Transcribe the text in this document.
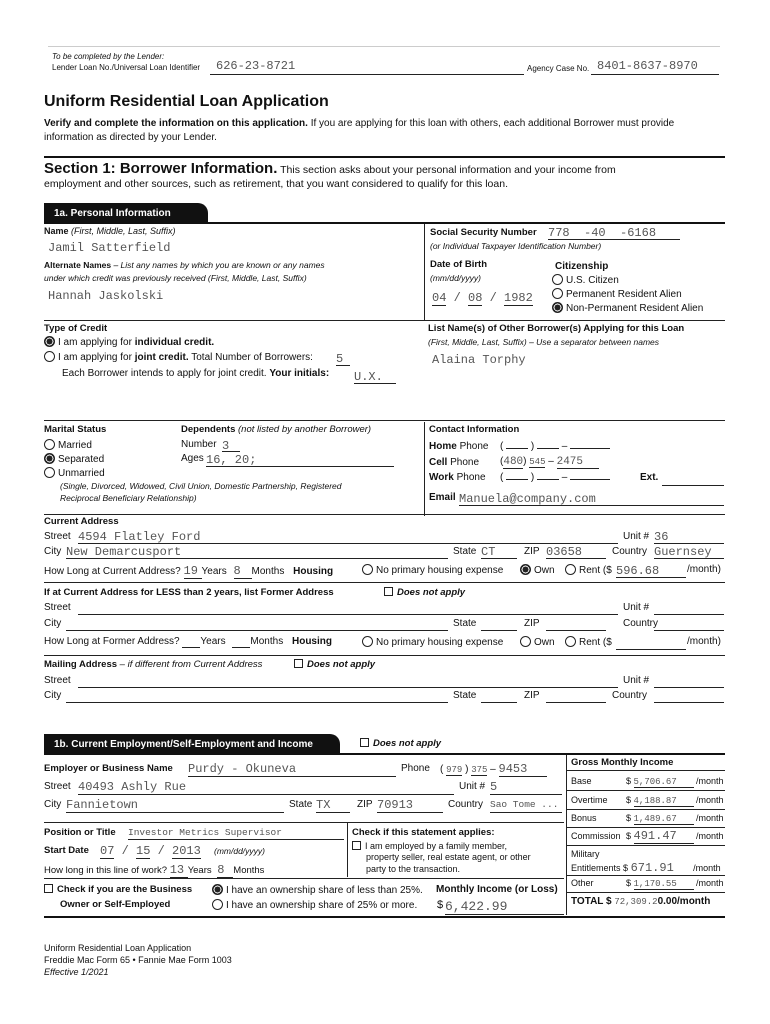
To be completed by the Lender:
Lender Loan No./Universal Loan Identifier	626-23-8721	Agency Case No. 8401-8637-8970
Uniform Residential Loan Application
Verify and complete the information on this application. If you are applying for this loan with others, each additional Borrower must provide
information as directed by your Lender.
Section 1: Borrower Information. This section asks about your personal information and your income from
employment and other sources, such as retirement, that you want considered to qualify for this loan.
1a. Personal Information
Name (First, Middle, Last, Suffix)
Jamil Satterfield
Alternate Names – List any names by which you are known or any names
under which credit was previously received (First, Middle, Last, Suffix)
Hannah Jaskolski
Social Security Number 778 -40 -6168
(or Individual Taxpayer Identification Number)
Date of Birth
(mm/dd/yyyy)
04 / 08 / 1982
Citizenship
U.S. Citizen
Permanent Resident Alien
Non-Permanent Resident Alien
Type of Credit
I am applying for individual credit.
I am applying for joint credit. Total Number of Borrowers: 5
Each Borrower intends to apply for joint credit. Your initials: U.X.
List Name(s) of Other Borrower(s) Applying for this Loan
(First, Middle, Last, Suffix) – Use a separator between names
Alaina Torphy
Marital Status
Married
Separated
Unmarried
(Single, Divorced, Widowed, Civil Union, Domestic Partnership, Registered
Reciprocal Beneficiary Relationship)
Dependents (not listed by another Borrower)
Number 3
Ages 16, 20;
Contact Information
Home Phone (  )  –
Cell Phone (480) 545 – 2475
Work Phone (  )  –	Ext.
Email Manuela@company.com
Current Address
Street 4594 Flatley Ford	Unit # 36
City New Demarcusport	State CT	ZIP 03658	Country Guernsey
How Long at Current Address? 19 Years 8 Months Housing	No primary housing expense	Own	Rent ($ 596.68	/month)
If at Current Address for LESS than 2 years, list Former Address	Does not apply
Street	Unit #
City	State	ZIP	Country
How Long at Former Address? Years Months Housing	No primary housing expense	Own	Rent ($	/month)
Mailing Address – if different from Current Address	Does not apply
Street	Unit #
City	State	ZIP	Country
1b. Current Employment/Self-Employment and Income	Does not apply
Employer or Business Name Purdy - Okuneva	Phone ( 979 ) 375 – 9453
Street 40493 Ashly Rue	Unit # 5
City Fannietown	State TX	ZIP 70913	Country Sao Tome ...
Position or Title Investor Metrics Supervisor
Start Date 07 / 15 / 2013 (mm/dd/yyyy)
How long in this line of work? 13 Years 8 Months
Check if this statement applies:
I am employed by a family member,
property seller, real estate agent, or other
party to the transaction.
Check if you are the Business
Owner or Self-Employed
I have an ownership share of less than 25%. Monthly Income (or Loss)
I have an ownership share of 25% or more. $ 6,422.99
Gross Monthly Income
Base	$ 5,706.67 /month
Overtime $ 4,188.87 /month
Bonus	$ 1,489.67 /month
Commission $ 491.47 /month
Military
Entitlements $ 671.91 /month
Other	$ 1,170.55 /month
TOTAL $ 72,309.20.00/month
Uniform Residential Loan Application
Freddie Mac Form 65 • Fannie Mae Form 1003
Effective 1/2021
